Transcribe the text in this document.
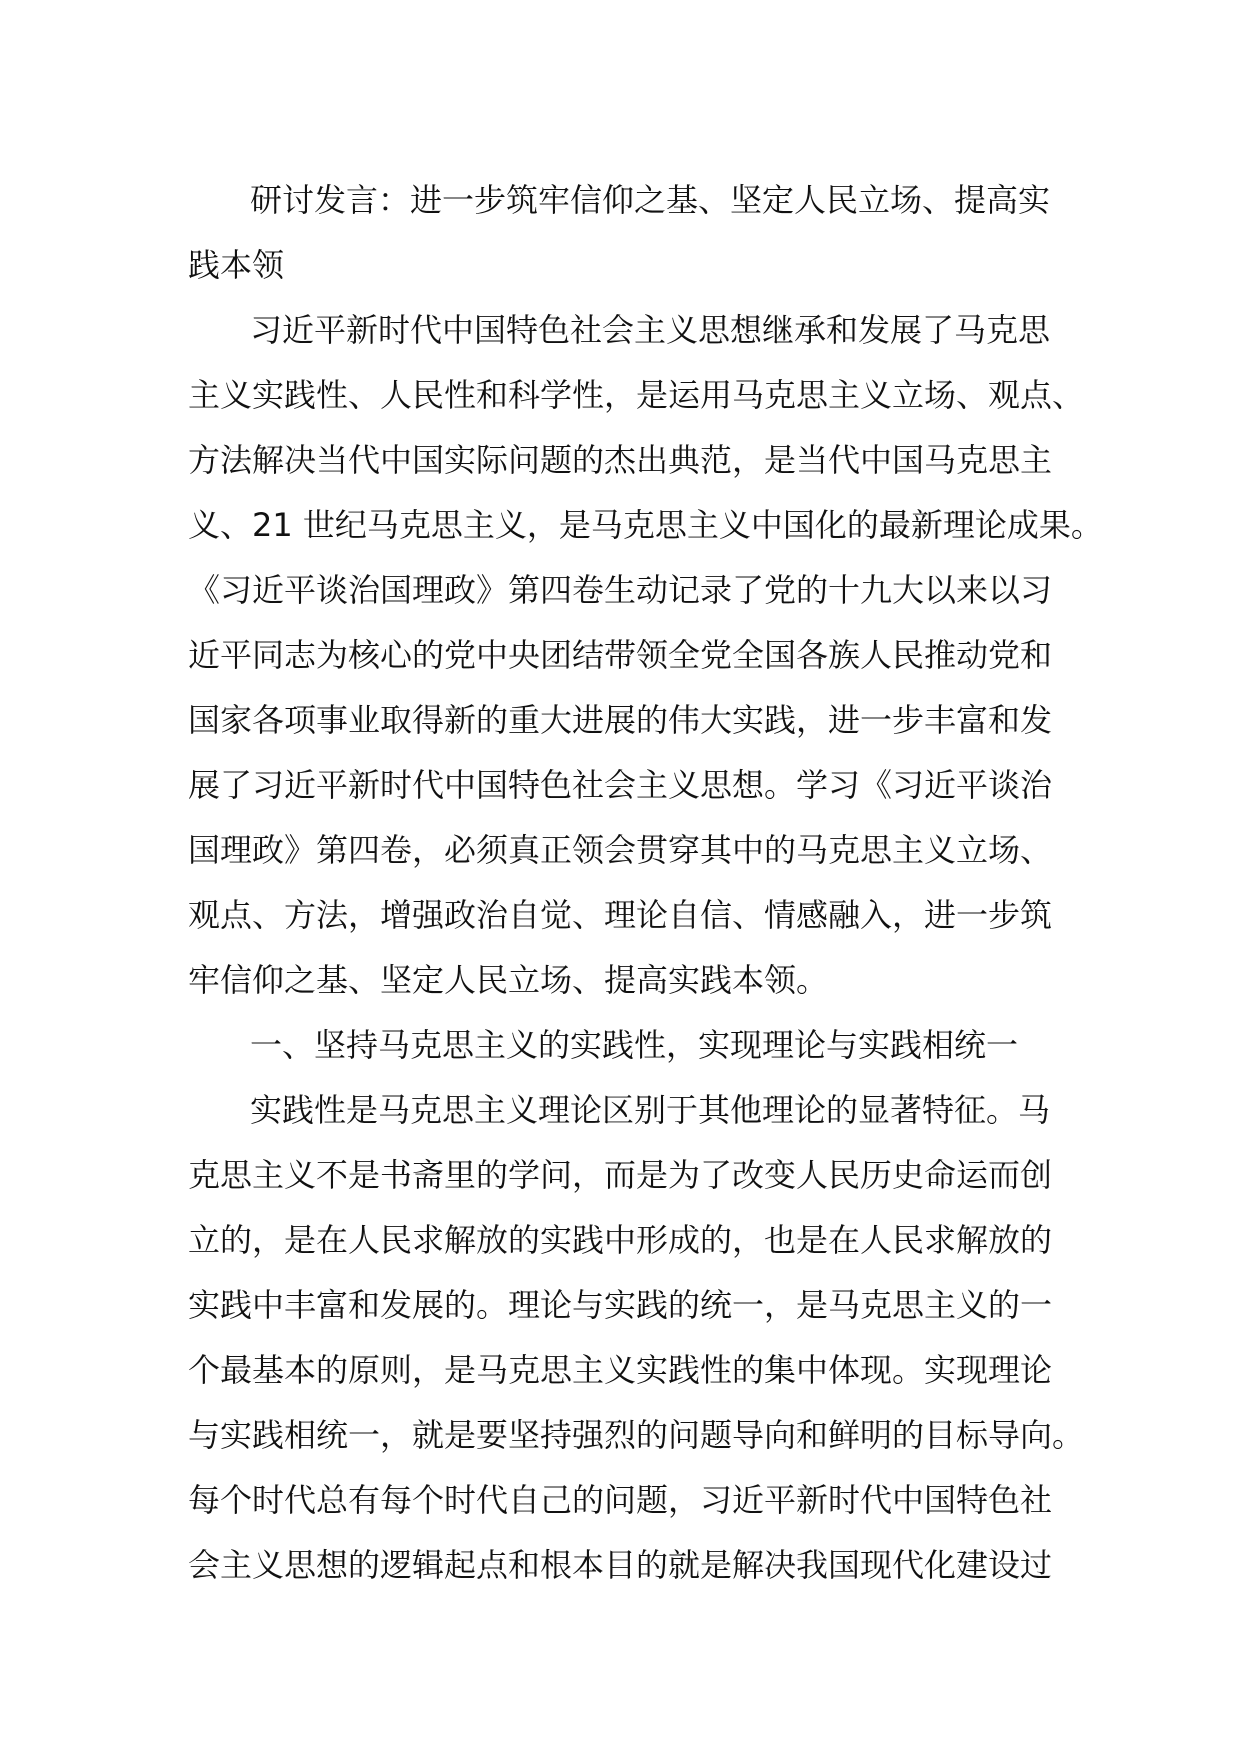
研讨发言：进一步筑牢信仰之基、坚定人民立场、提高实
践本领
习近平新时代中国特色社会主义思想继承和发展了马克思
主义实践性、人民性和科学性，是运用马克思主义立场、观点、
方法解决当代中国实际问题的杰出典范，是当代中国马克思主
义、21 世纪马克思主义，是马克思主义中国化的最新理论成果。
《习近平谈治国理政》第四卷生动记录了党的十九大以来以习
近平同志为核心的党中央团结带领全党全国各族人民推动党和
国家各项事业取得新的重大进展的伟大实践，进一步丰富和发
展了习近平新时代中国特色社会主义思想。学习《习近平谈治
国理政》第四卷，必须真正领会贯穿其中的马克思主义立场、
观点、方法，增强政治自觉、理论自信、情感融入，进一步筑
牢信仰之基、坚定人民立场、提高实践本领。
一、坚持马克思主义的实践性，实现理论与实践相统一
实践性是马克思主义理论区别于其他理论的显著特征。马
克思主义不是书斋里的学问，而是为了改变人民历史命运而创
立的，是在人民求解放的实践中形成的，也是在人民求解放的
实践中丰富和发展的。理论与实践的统一，是马克思主义的一
个最基本的原则，是马克思主义实践性的集中体现。实现理论
与实践相统一，就是要坚持强烈的问题导向和鲜明的目标导向。
每个时代总有每个时代自己的问题，习近平新时代中国特色社
会主义思想的逻辑起点和根本目的就是解决我国现代化建设过
